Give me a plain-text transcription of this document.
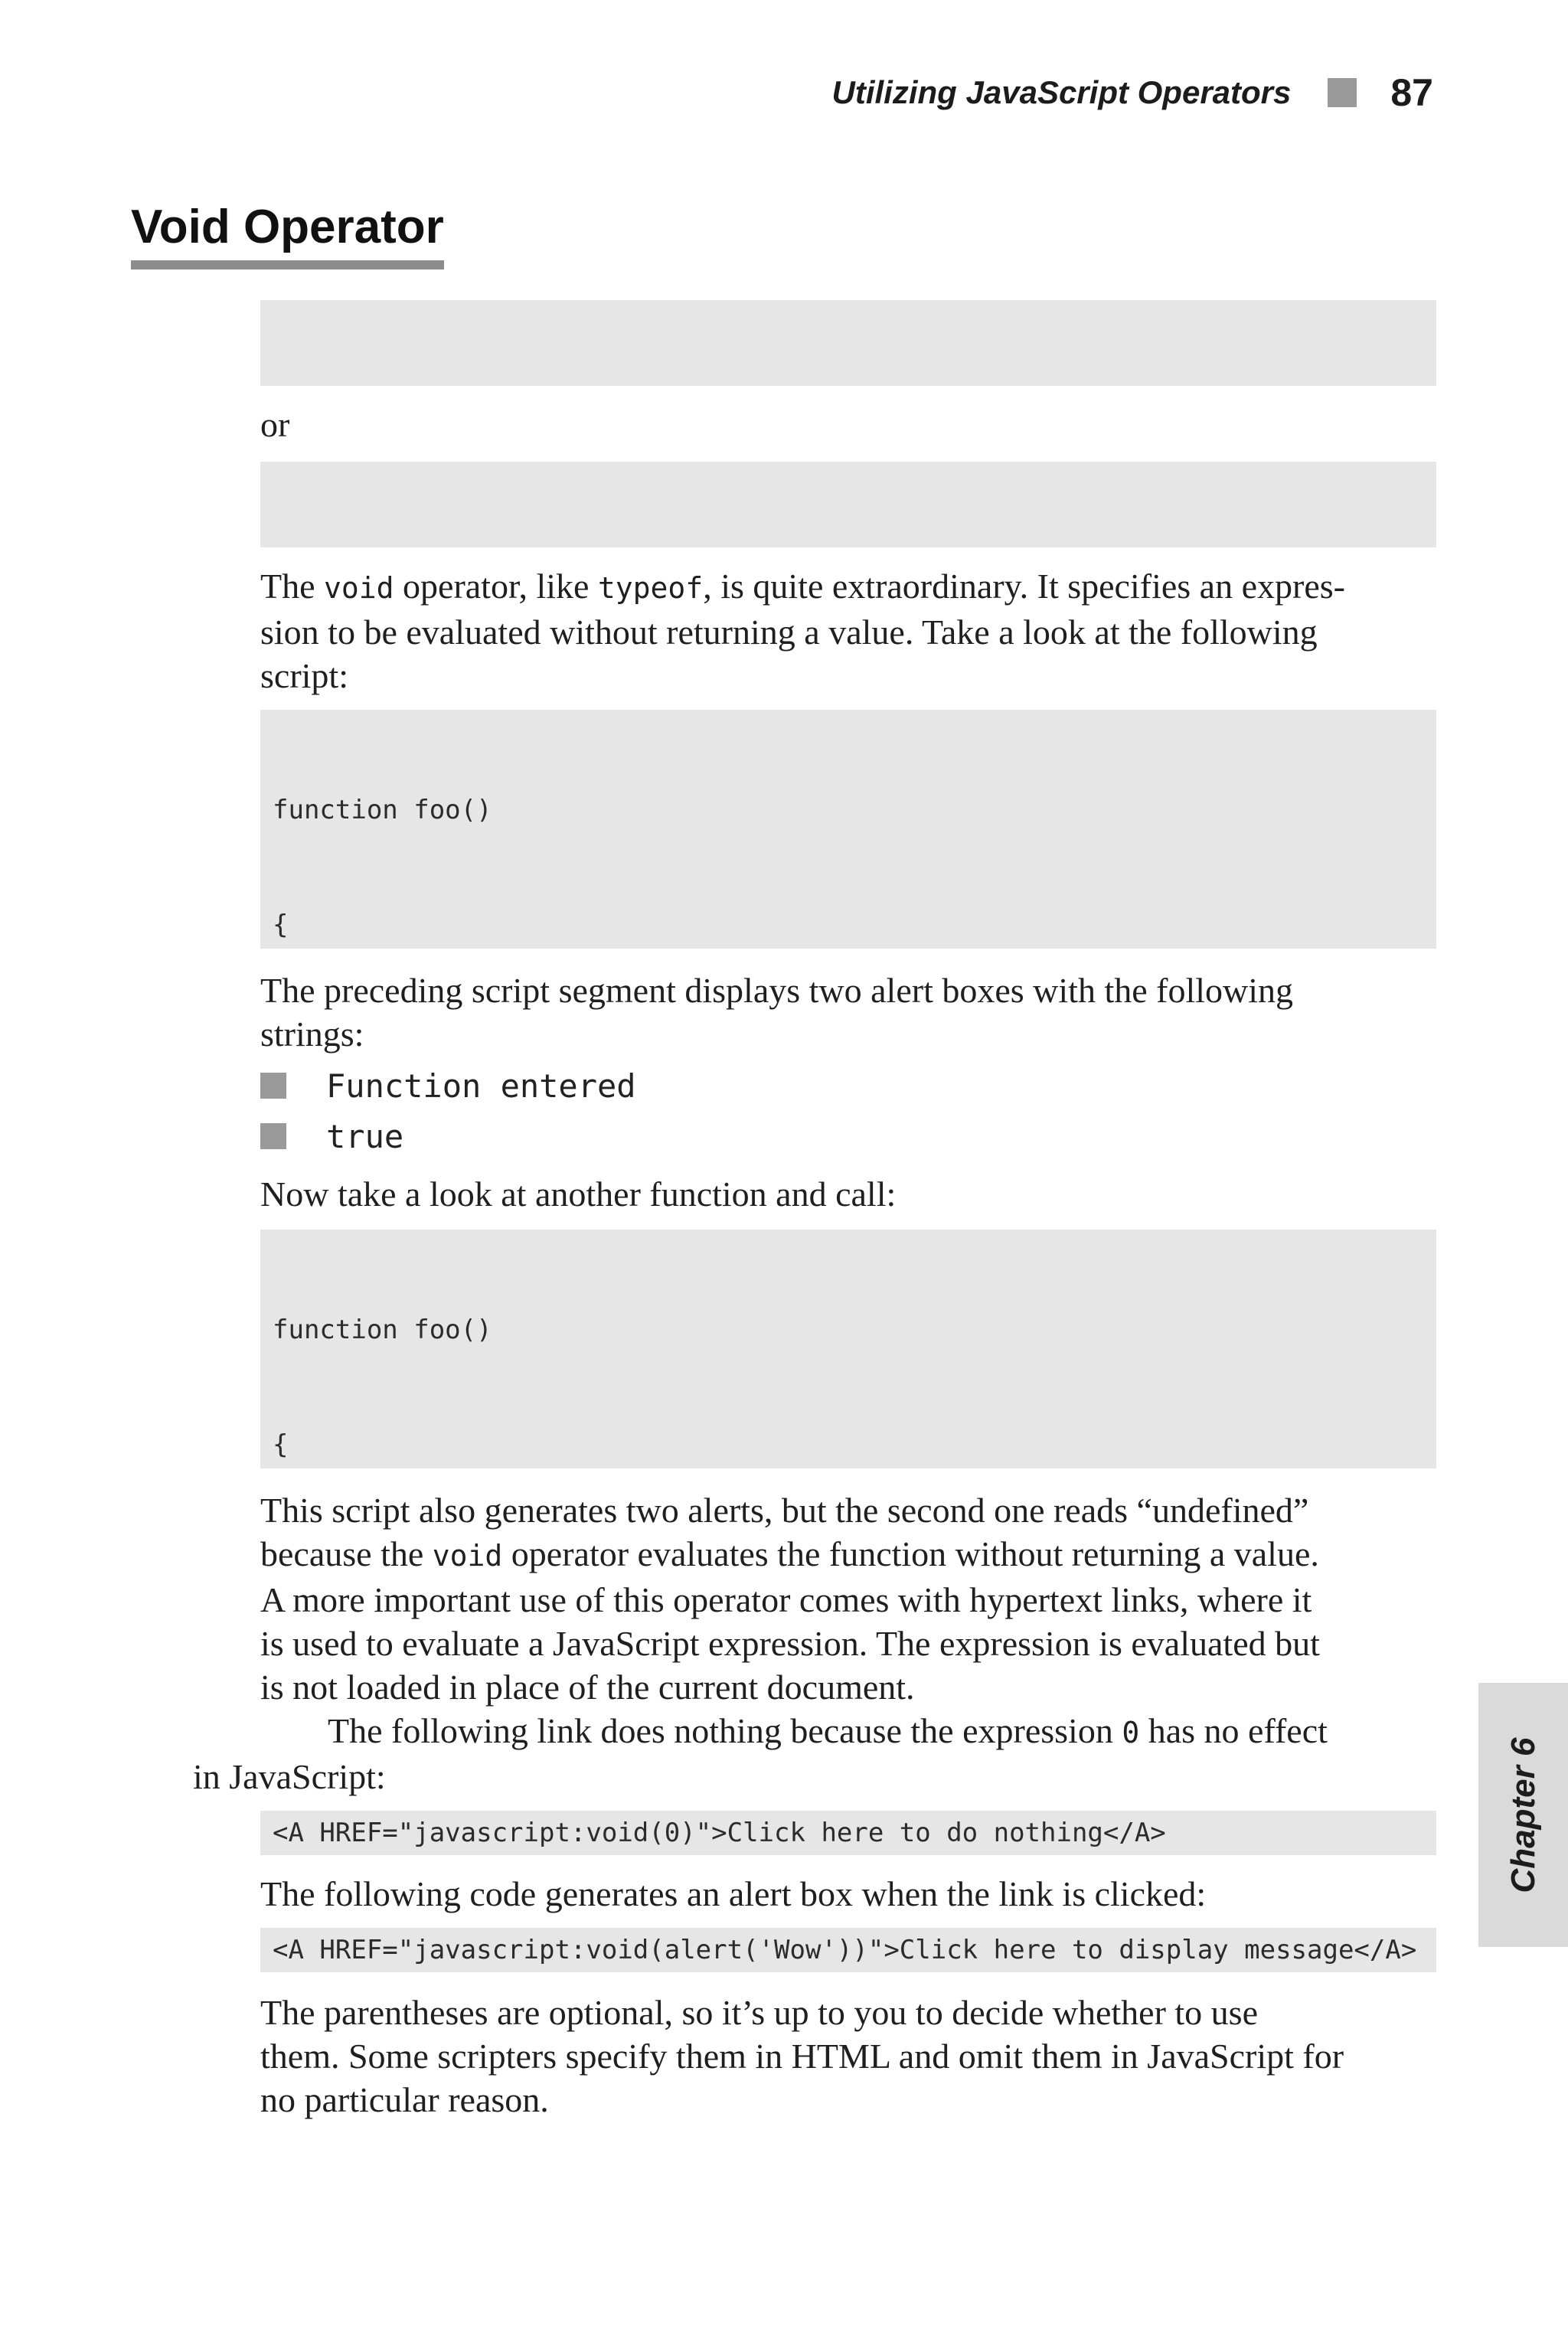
Utilizing JavaScript Operators	87
Void Operator

or

The void operator, like typeof, is quite extraordinary. It specifies an expres-
sion to be evaluated without returning a value. Take a look at the following
script:

function foo()

{

The preceding script segment displays two alert boxes with the following
strings:

Function entered
true

Now take a look at another function and call:

function foo()

{

This script also generates two alerts, but the second one reads “undefined”
because the void operator evaluates the function without returning a value.
A more important use of this operator comes with hypertext links, where it
is used to evaluate a JavaScript expression. The expression is evaluated but
is not loaded in place of the current document.

The following link does nothing because the expression 0 has no effect
in JavaScript:

<A HREF="javascript:void(0)">Click here to do nothing</A>

The following code generates an alert box when the link is clicked:

<A HREF="javascript:void(alert('Wow'))">Click here to display message</A>

The parentheses are optional, so it’s up to you to decide whether to use
them. Some scripters specify them in HTML and omit them in JavaScript for
no particular reason.

Chapter 6
